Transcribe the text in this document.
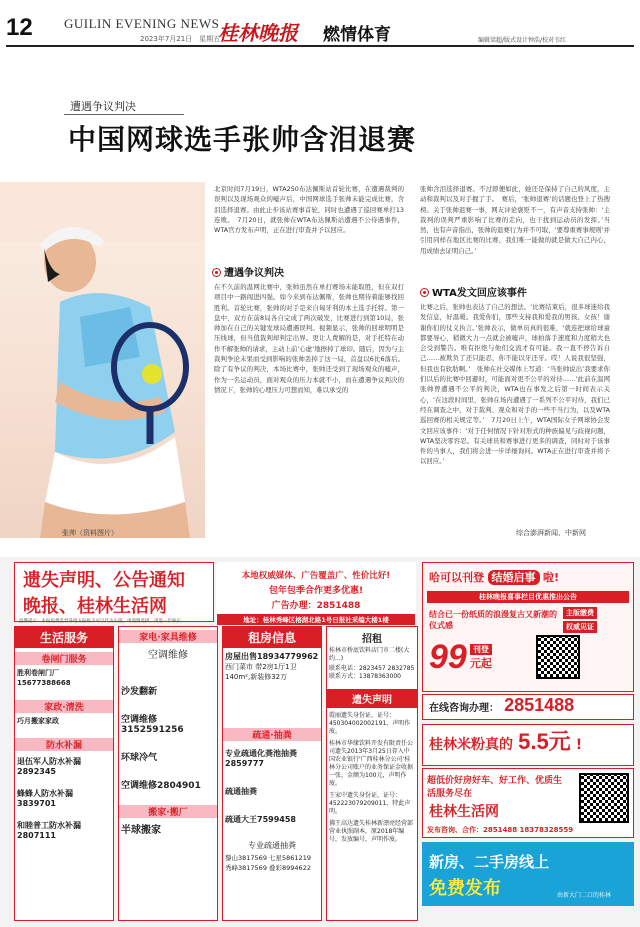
12 GUILIN EVENING NEWS
2023年7月21日　星期五
桂林晚报 燃情体育	编辑梁超/版式设计钟浩/校对韦红
遭遇争议判决
中国网球选手张帅含泪退赛
张帅（资料图片）
北京时间7月19日，WTA250布达佩斯站首轮比赛，在遭遇裁判的误判以及现场观众的嘘声后，中国网球选手张帅未能完成比赛，含泪选择退赛。由此止步该站赛事首轮，同时也遭遇了巡回赛单打13连败。　7月20日，就张帅在WTA布达佩斯站遭遇不公待遇事件，WTA官方发布声明，正在进行审查并予以回应。
遭遇争议判决
在不久前的温网比赛中，张帅虽然在单打赛场未能取胜，但在双打项目中一路闯进四强。如今来到布达佩斯，张帅也期待着能够找回胜利。首轮比赛，张帅的对手是来自匈牙利的本土选手托特。第一盘中，双方在前8局各自完成了两次破发，比赛进行到第10局，张帅加在自己的关键发球局遭遇误判。视频显示，张帅的回球明明是压线球，但当值裁判却判定出界。更让人费解的是，对手托特在动作不解张帅的请求，主动上前‘心虚’地擦掉了球印。随后，因为与主裁判争论未果而受到影响的张帅丢掉了这一局，首盘以6比6落后。除了有争议的判决，本场比赛中，张帅还受到了现场观众的嘘声，作为一名运动员，面对观众的压力本就不小，而在遭遇争议判决的情况下，张帅的心理压力可想而知，难以承受的
张帅含泪选择退赛。不过即便如此，她还是保持了自己的风度，主动和裁判以及对手握了手。　赛后，‘张帅退赛’的话题也登上了热搜榜。关于张帅退赛一事，网友评论褒贬不一，有声音支持张帅：‘主裁判的误判严重影响了比赛的走向，也干扰到运动员的发挥。’当然，也有声音指出，张帅的退赛行为并不可取，‘要尊重赛事规则’并引用同样在地区比赛的比赛，我们唯一能做的就是做大自己内心，用成绩去证明自己。’
WTA发文回应该事件
比赛之后，张帅也表达了自己的想法。‘比赛结束后，很多球迷给我发信息，好温暖。我爱你们，那些支持我和爱我的男孩、女孩！谢谢你们的仗义执言。’张帅表示，做单员真的很难，‘就连把球给球童都要导心，稍微大力一点就会被嘘声，球拍落手速度和力度稍大也会受到警告。唯有拒绝与他们交流才有可能。我一直不停告诉自己……被欺负了还只能忍，你不能以牙还牙。哎！人说我很坚强，但我也有软肋啊。’　张帅在社交媒体上写道：‘当张帅说出’我要求你们以后的比赛中回避时，可能面对更不公平的对待……’此前在温网张帅曾遭遇不公平的判决，WTA也在事发之后第一时间表示关心，‘在这段时间里，张帅在场内遭遇了一系列不公平对待，我们已经在调查之中，对于裁判、观众和对手的一些不当行为，以及WTA巡回赛的相关规定等。’　7月20日上午，WTA国际女子网球协会发文回应该事件：‘对于任何情况下针对形式的种族偏见与歧视问题，WTA坚决零容忍。有关球员和赛事进行更多的调查，同时对于该事件的当事人，我们将会进一步详细询问。WTA正在进行审查并将予以回应。’
综合澎湃新闻、中新网
遗失声明、公告通知
晚报、桂林生活网
温馨提示：本报免费监督各地方报纸不可以代为实施，请谨慎选择，请进一步核实
本地权威媒体、广告覆盖广、性价比好!
包年包季合作更多优惠!
广告办理：2851488
地址：桂林秀峰区榕湖北路1号日报社采编大楼1楼
哈可以刊登 结婚启事 啦!
桂林晚报喜事栏目优惠推出公告
结合已一份纸质的浪漫复古又新潮的仪式感
主版缴费
权威见证
99 刊登
元起
在线咨询办理： 2851488
桂林米粉真的 5.5元 !
超低价好房好车、好工作、优质生活服务尽在
桂林生活网
发布咨询、合作：2851488 18378328559
新房、二手房线上
免费发布	由新大门二口的桂林
生活服务
卷闸门服务
胜利卷闸门厂15677388668
家政·清洗
巧月搬家家政
防水补漏
退伍军人防水补漏2892345
蜂蜂人防水补漏3839701
和睦普工防水补漏2807111
家电·家具维修
空调维修
沙发翻新
空调维修3152591256
环球冷气
空调维修2804901
搬家·搬厂
半球搬家
租房信息
房屋出售18934779962
西门菜市 带2房1厅1卫
140m²,新装修32万
疏通·抽粪
专业疏通化粪池抽粪2859777
疏通抽粪
疏通大王7599458
专业疏通抽粪
黎山3817569 七星5861219
秀峰3817569 叠彩8994622
招租
桂林市桥底饮料店门市二楼(大约...)
联系电话：2823457 2832785
联系方式：13878363000
遗失声明
霞丽遗失身份证，证号：450304002002191，声明作废。
桂林市华缘饮料开发有限责任公司遗失2013年3月25日存入中国农业银行'广西桂林分公司'桂林分公司账户的业务保证金收据一张，金额为100元，声明作废。
王家中遗失身份证，证号：452223079209011，特此声明。
佛王高达遗失桂林新漂亮经营部营业执照副本，原2018年编号，发放编号，声明作废。
